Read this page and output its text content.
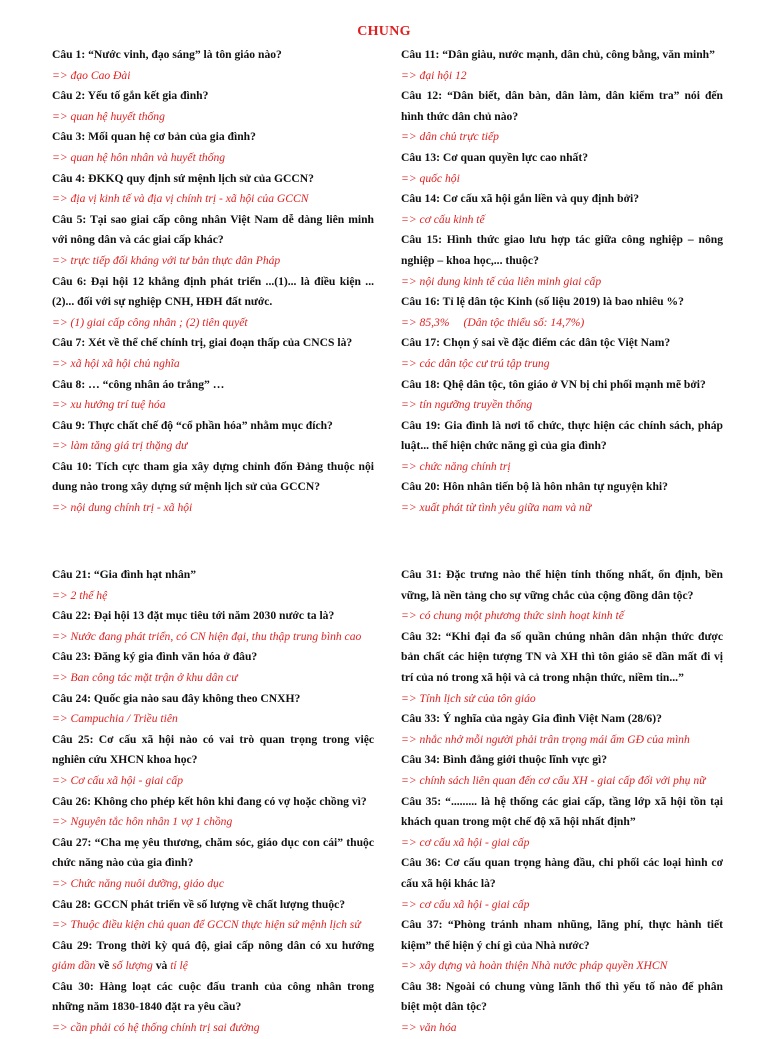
CHUNG
Câu 1: “Nước vinh, đạo sáng” là tôn giáo nào?
=> đạo Cao Đài
Câu 2: Yếu tố gắn kết gia đình?
=> quan hệ huyết thống
Câu 3: Mối quan hệ cơ bản của gia đình?
=> quan hệ hôn nhân và huyết thống
Câu 4: ĐKKQ quy định sứ mệnh lịch sử của GCCN?
=> địa vị kinh tế và địa vị chính trị - xã hội của GCCN
Câu 5: Tại sao giai cấp công nhân Việt Nam dễ dàng liên minh với nông dân và các giai cấp khác?
=> trực tiếp đối kháng với tư bản thực dân Pháp
Câu 6: Đại hội 12 khẳng định phát triển ...(1)... là điều kiện ...(2)... đối với sự nghiệp CNH, HĐH đất nước.
=> (1) giai cấp công nhân ; (2) tiên quyết
Câu 7: Xét về thể chế chính trị, giai đoạn thấp của CNCS là?
=> xã hội xã hội chủ nghĩa
Câu 8: … “công nhân áo trắng” …
=> xu hướng trí tuệ hóa
Câu 9: Thực chất chế độ “cổ phần hóa” nhằm mục đích?
=> làm tăng giá trị thặng dư
Câu 10: Tích cực tham gia xây dựng chỉnh đốn Đảng thuộc nội dung nào trong xây dựng sứ mệnh lịch sử của GCCN?
=> nội dung chính trị - xã hội
Câu 11: “Dân giàu, nước mạnh, dân chủ, công bằng, văn minh”
=> đại hội 12
Câu 12: “Dân biết, dân bàn, dân làm, dân kiểm tra” nói đến hình thức dân chủ nào?
=> dân chủ trực tiếp
Câu 13: Cơ quan quyền lực cao nhất?
=> quốc hội
Câu 14: Cơ cấu xã hội gắn liền và quy định bởi?
=> cơ cấu kinh tế
Câu 15: Hình thức giao lưu hợp tác giữa công nghiệp – nông nghiệp – khoa học,... thuộc?
=> nội dung kinh tế của liên minh giai cấp
Câu 16: Tỉ lệ dân tộc Kinh (số liệu 2019) là bao nhiêu %?
=> 85,3% (Dân tộc thiểu số: 14,7%)
Câu 17: Chọn ý sai về đặc điểm các dân tộc Việt Nam?
=> các dân tộc cư trú tập trung
Câu 18: Qhệ dân tộc, tôn giáo ở VN bị chi phối mạnh mẽ bởi?
=> tín ngưỡng truyền thống
Câu 19: Gia đình là nơi tổ chức, thực hiện các chính sách, pháp luật... thể hiện chức năng gì của gia đình?
=> chức năng chính trị
Câu 20: Hôn nhân tiến bộ là hôn nhân tự nguyện khi?
=> xuất phát từ tình yêu giữa nam và nữ
Câu 21: “Gia đình hạt nhân”
=> 2 thế hệ
Câu 22: Đại hội 13 đặt mục tiêu tới năm 2030 nước ta là?
=> Nước đang phát triển, có CN hiện đại, thu thập trung bình cao
Câu 23: Đăng ký gia đình văn hóa ở đâu?
=> Ban công tác mặt trận ở khu dân cư
Câu 24: Quốc gia nào sau đây không theo CNXH?
=> Campuchia / Triều tiên
Câu 25: Cơ cấu xã hội nào có vai trò quan trọng trong việc nghiên cứu XHCN khoa học?
=> Cơ cấu xã hội - giai cấp
Câu 26: Không cho phép kết hôn khi đang có vợ hoặc chồng vì?
=> Nguyên tắc hôn nhân 1 vợ 1 chồng
Câu 27: “Cha mẹ yêu thương, chăm sóc, giáo dục con cái” thuộc chức năng nào của gia đình?
=> Chức năng nuôi dưỡng, giáo dục
Câu 28: GCCN phát triển về số lượng về chất lượng thuộc?
=> Thuộc điều kiện chủ quan để GCCN thực hiện sứ mệnh lịch sử
Câu 29: Trong thời kỳ quá độ, giai cấp nông dân có xu hướng giảm dần về số lượng và tỉ lệ
Câu 30: Hàng loạt các cuộc đấu tranh của công nhân trong những năm 1830-1840 đặt ra yêu cầu?
=> cần phải có hệ thống chính trị sai đường
Câu 31: Đặc trưng nào thể hiện tính thống nhất, ổn định, bền vững, là nền tảng cho sự vững chắc của cộng đồng dân tộc?
=> có chung một phương thức sinh hoạt kinh tế
Câu 32: “Khi đại đa số quần chúng nhân dân nhận thức được bản chất các hiện tượng TN và XH thì tôn giáo sẽ dần mất đi vị trí của nó trong xã hội và cả trong nhận thức, niềm tin...”
=> Tính lịch sử của tôn giáo
Câu 33: Ý nghĩa của ngày Gia đình Việt Nam (28/6)?
=> nhắc nhở mỗi người phải trân trọng mái ấm GĐ của mình
Câu 34: Bình đẳng giới thuộc lĩnh vực gì?
=> chính sách liên quan đến cơ cấu XH - giai cấp đối với phụ nữ
Câu 35: “......... là hệ thống các giai cấp, tầng lớp xã hội tồn tại khách quan trong một chế độ xã hội nhất định”
=> cơ cấu xã hội - giai cấp
Câu 36: Cơ cấu quan trọng hàng đầu, chi phối các loại hình cơ cấu xã hội khác là?
=> cơ cấu xã hội - giai cấp
Câu 37: “Phòng tránh nham nhũng, lãng phí, thực hành tiết kiệm” thể hiện ý chí gì của Nhà nước?
=> xây dựng và hoàn thiện Nhà nước pháp quyền XHCN
Câu 38: Ngoài có chung vùng lãnh thổ thì yếu tố nào để phân biệt một dân tộc?
=> văn hóa
